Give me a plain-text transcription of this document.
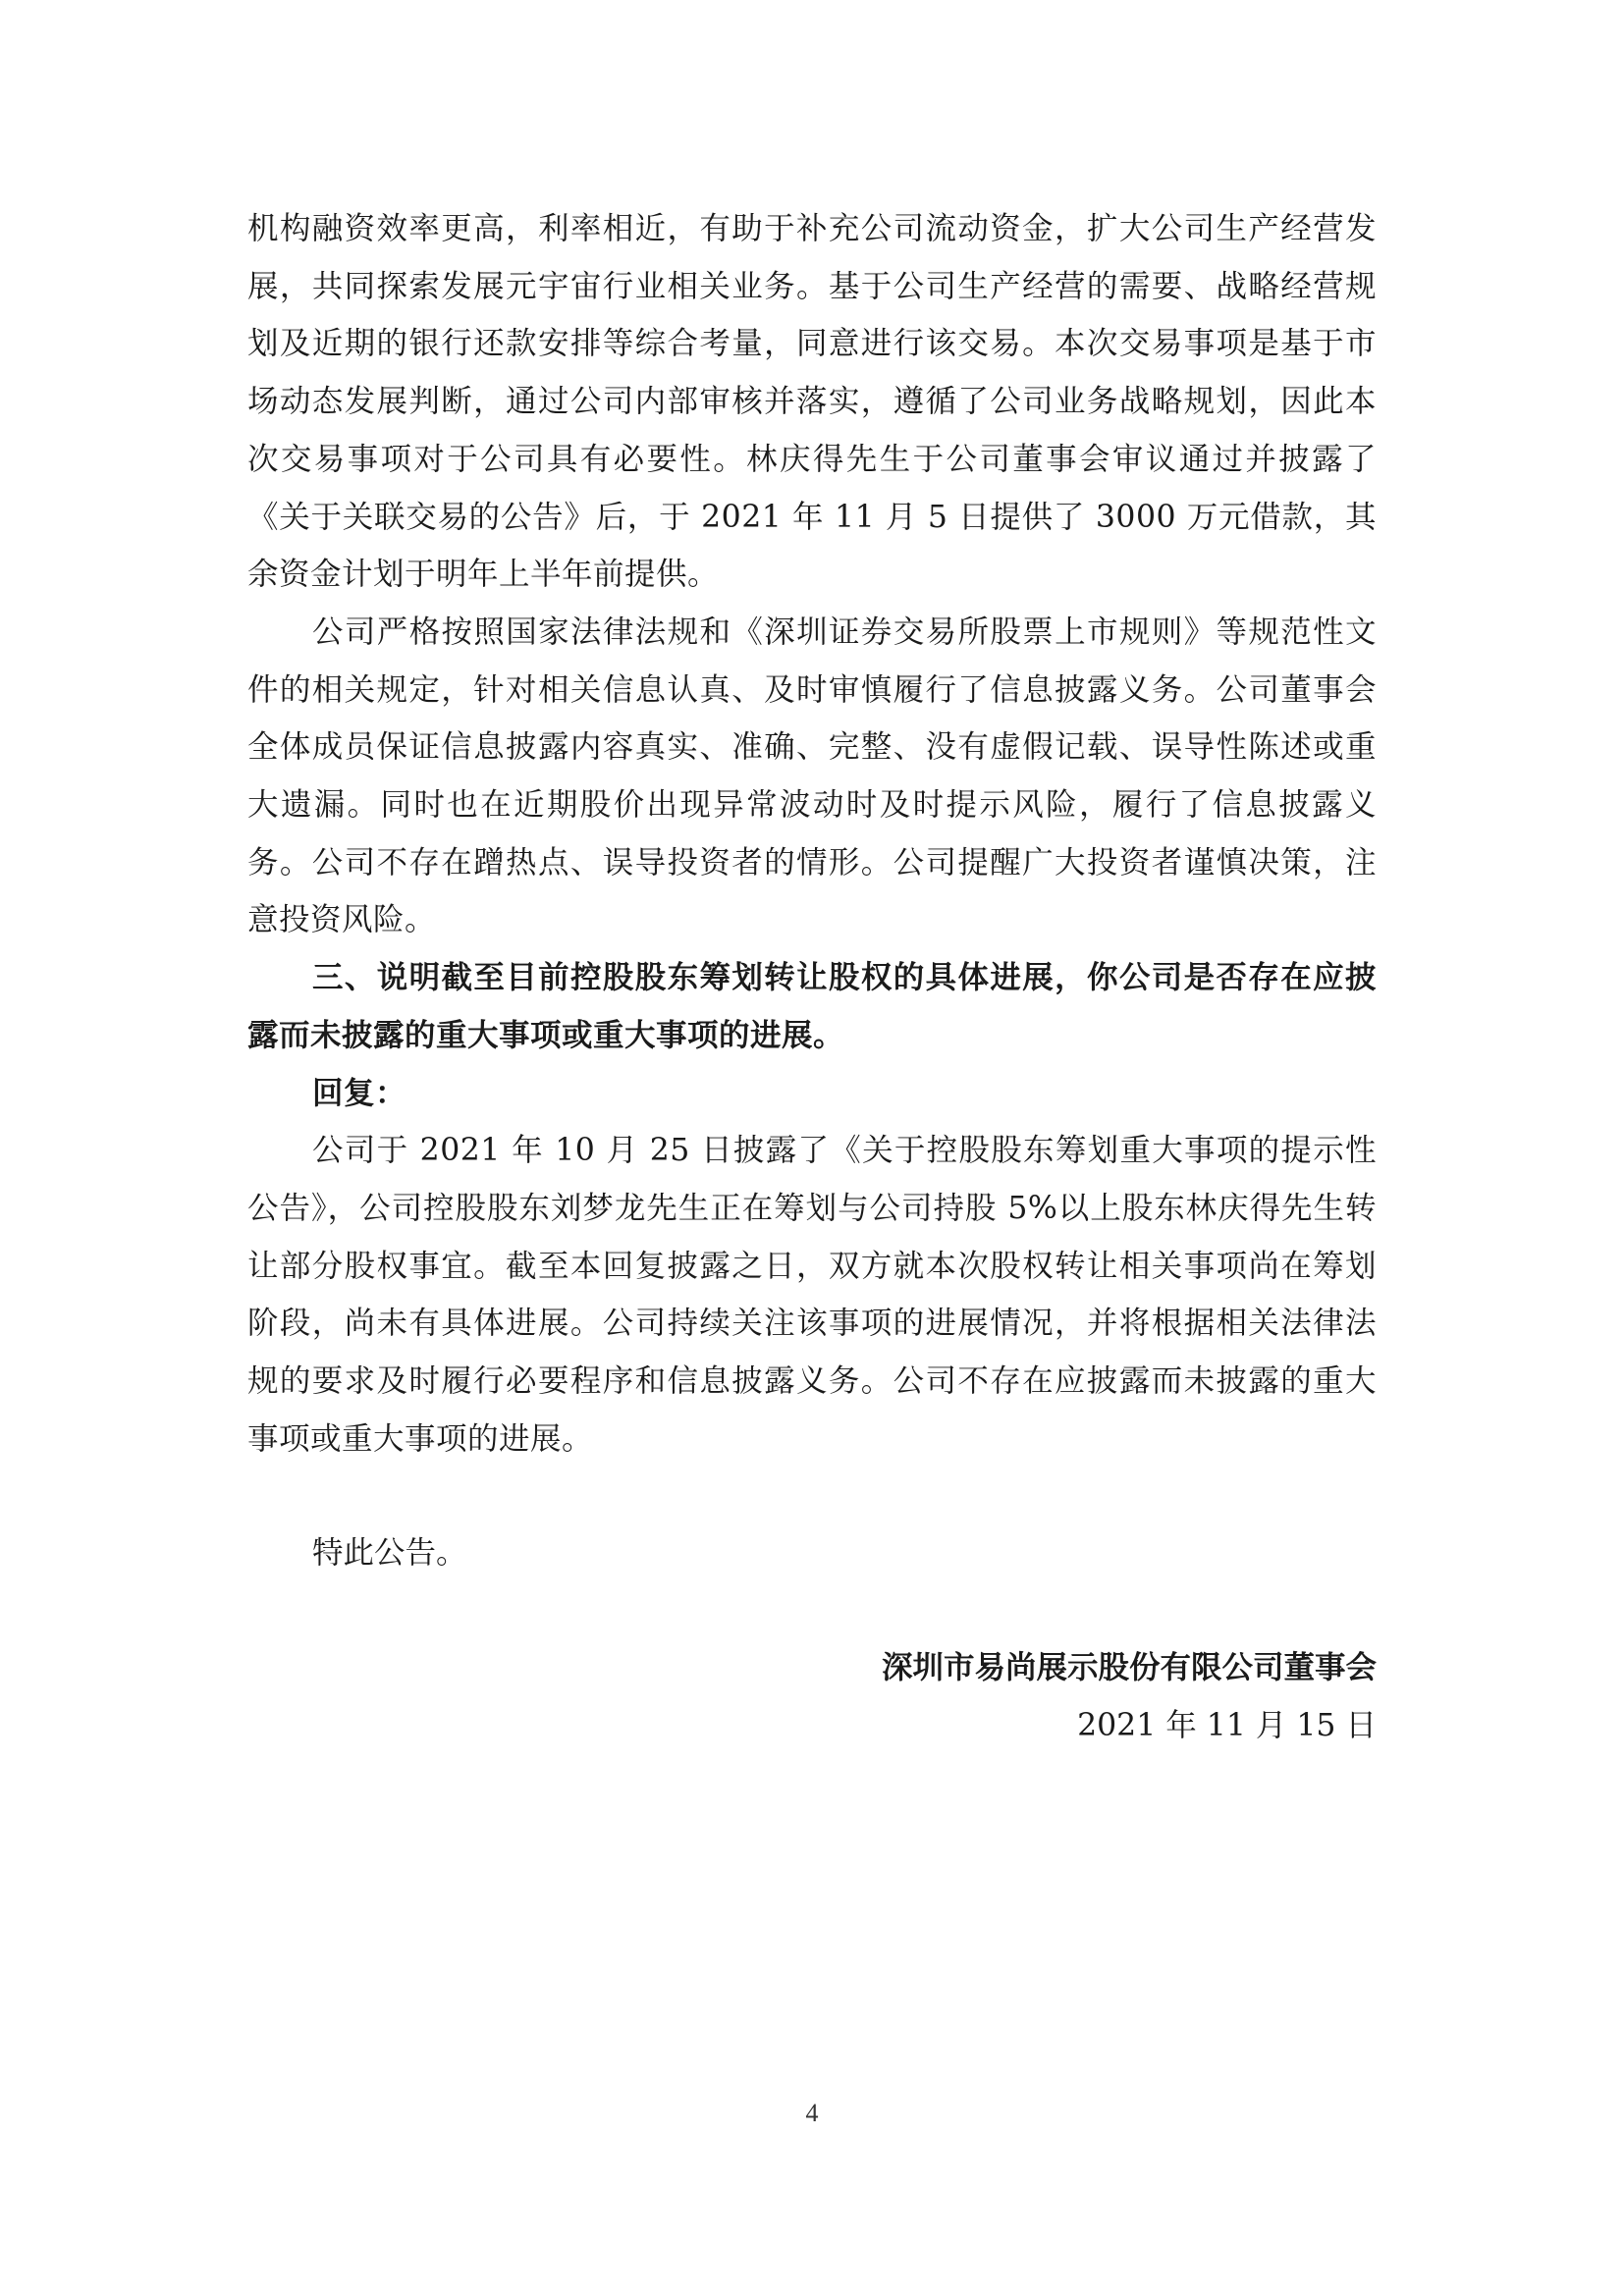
机构融资效率更高，利率相近，有助于补充公司流动资金，扩大公司生产经营发展，共同探索发展元宇宙行业相关业务。基于公司生产经营的需要、战略经营规划及近期的银行还款安排等综合考量，同意进行该交易。本次交易事项是基于市场动态发展判断，通过公司内部审核并落实，遵循了公司业务战略规划，因此本次交易事项对于公司具有必要性。林庆得先生于公司董事会审议通过并披露了《关于关联交易的公告》后，于 2021 年 11 月 5 日提供了 3000 万元借款，其余资金计划于明年上半年前提供。

公司严格按照国家法律法规和《深圳证券交易所股票上市规则》等规范性文件的相关规定，针对相关信息认真、及时审慎履行了信息披露义务。公司董事会全体成员保证信息披露内容真实、准确、完整、没有虚假记载、误导性陈述或重大遗漏。同时也在近期股价出现异常波动时及时提示风险，履行了信息披露义务。公司不存在蹭热点、误导投资者的情形。公司提醒广大投资者谨慎决策，注意投资风险。

三、说明截至目前控股股东筹划转让股权的具体进展，你公司是否存在应披露而未披露的重大事项或重大事项的进展。

回复：

公司于 2021 年 10 月 25 日披露了《关于控股股东筹划重大事项的提示性公告》，公司控股股东刘梦龙先生正在筹划与公司持股 5%以上股东林庆得先生转让部分股权事宜。截至本回复披露之日，双方就本次股权转让相关事项尚在筹划阶段，尚未有具体进展。公司持续关注该事项的进展情况，并将根据相关法律法规的要求及时履行必要程序和信息披露义务。公司不存在应披露而未披露的重大事项或重大事项的进展。

特此公告。

深圳市易尚展示股份有限公司董事会

2021 年 11 月 15 日

4
